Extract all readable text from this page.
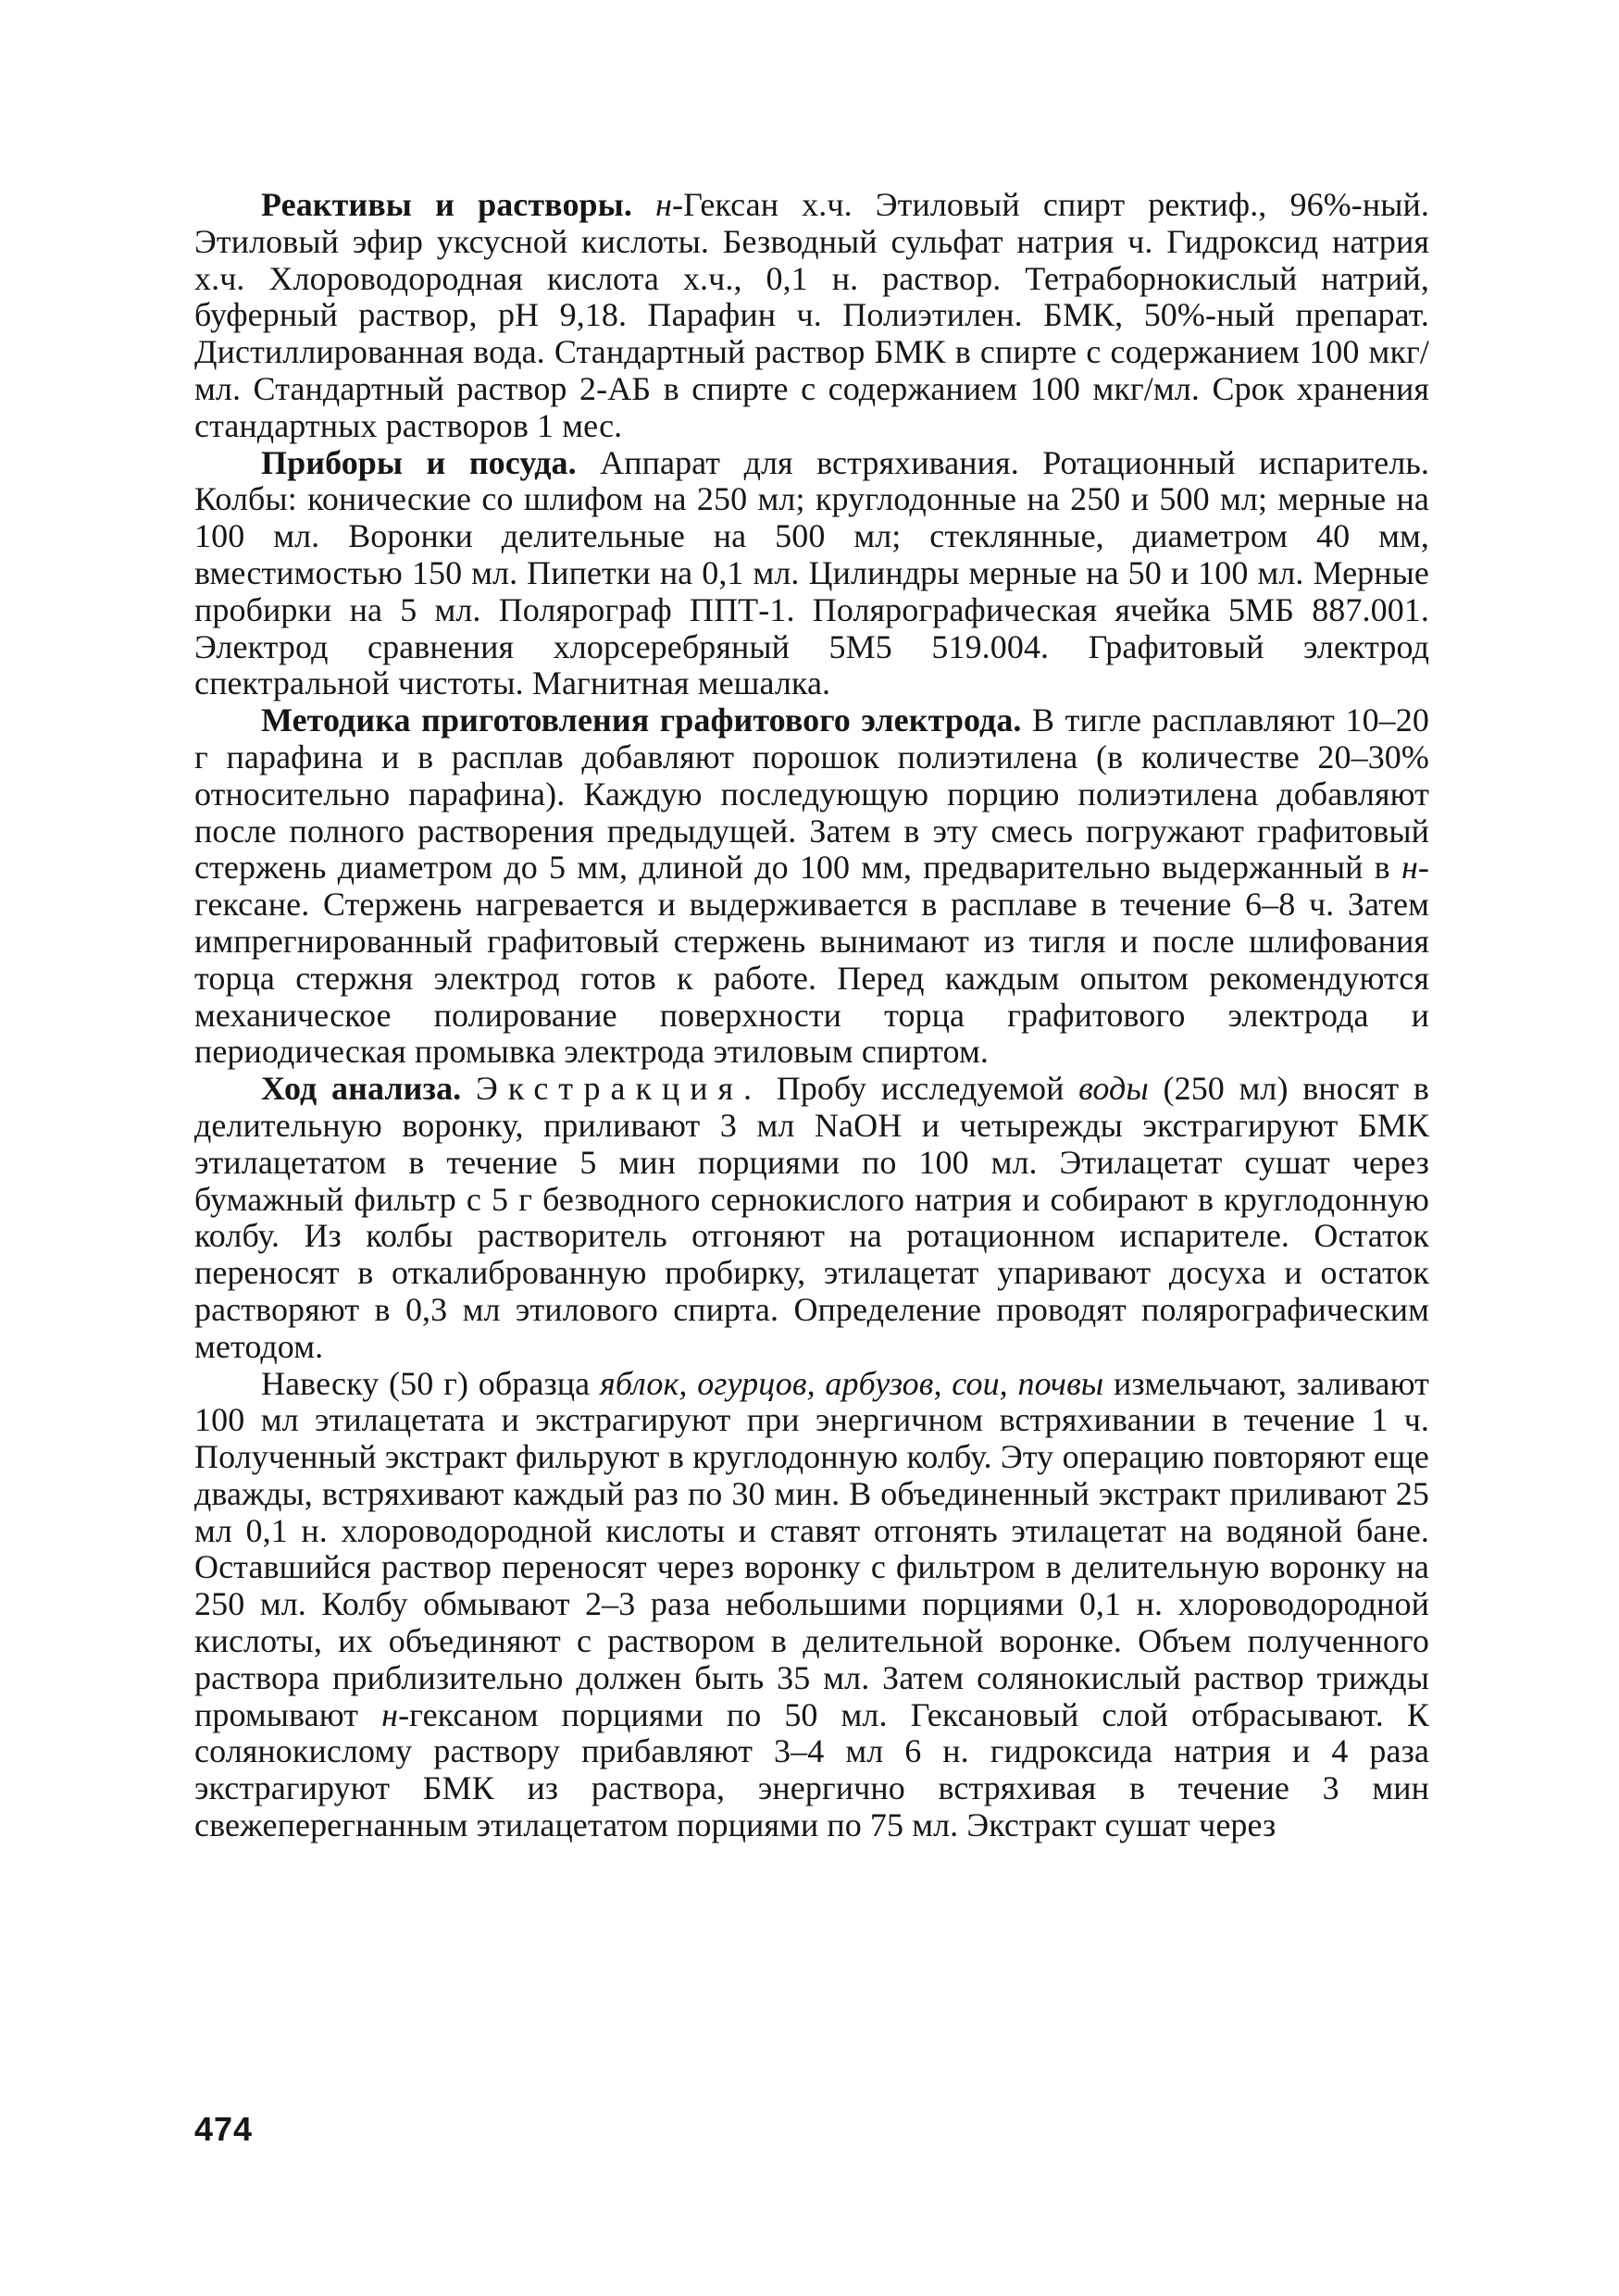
Реактивы и растворы. н-Гексан х.ч. Этиловый спирт ректиф., 96%-ный. Этиловый эфир уксусной кислоты. Безводный сульфат натрия ч. Гидроксид натрия х.ч. Хлороводородная кислота х.ч., 0,1 н. раствор. Тетраборнокислый натрий, буферный раствор, pH 9,18. Парафин ч. Полиэтилен. БМК, 50%-ный препарат. Дистиллированная вода. Стандартный раствор БМК в спирте с содержанием 100 мкг/мл. Стандартный раствор 2-АБ в спирте с содержанием 100 мкг/мл. Срок хранения стандартных растворов 1 мес.

Приборы и посуда. Аппарат для встряхивания. Ротационный испаритель. Колбы: конические со шлифом на 250 мл; круглодонные на 250 и 500 мл; мерные на 100 мл. Воронки делительные на 500 мл; стеклянные, диаметром 40 мм, вместимостью 150 мл. Пипетки на 0,1 мл. Цилиндры мерные на 50 и 100 мл. Мерные пробирки на 5 мл. Полярограф ППТ-1. Полярографическая ячейка 5МБ 887.001. Электрод сравнения хлорсеребряный 5М5 519.004. Графитовый электрод спектральной чистоты. Магнитная мешалка.

Методика приготовления графитового электрода. В тигле расплавляют 10–20 г парафина и в расплав добавляют порошок полиэтилена (в количестве 20–30% относительно парафина). Каждую последующую порцию полиэтилена добавляют после полного растворения предыдущей. Затем в эту смесь погружают графитовый стержень диаметром до 5 мм, длиной до 100 мм, предварительно выдержанный в н-гексане. Стержень нагревается и выдерживается в расплаве в течение 6–8 ч. Затем импрегнированный графитовый стержень вынимают из тигля и после шлифования торца стержня электрод готов к работе. Перед каждым опытом рекомендуются механическое полирование поверхности торца графитового электрода и периодическая промывка электрода этиловым спиртом.

Ход анализа. Экстракция. Пробу исследуемой воды (250 мл) вносят в делительную воронку, приливают 3 мл NaOH и четырежды экстрагируют БМК этилацетатом в течение 5 мин порциями по 100 мл. Этилацетат сушат через бумажный фильтр с 5 г безводного сернокислого натрия и собирают в круглодонную колбу. Из колбы растворитель отгоняют на ротационном испарителе. Остаток переносят в откалиброванную пробирку, этилацетат упаривают досуха и остаток растворяют в 0,3 мл этилового спирта. Определение проводят полярографическим методом.

Навеску (50 г) образца яблок, огурцов, арбузов, сои, почвы измельчают, заливают 100 мл этилацетата и экстрагируют при энергичном встряхивании в течение 1 ч. Полученный экстракт фильруют в круглодонную колбу. Эту операцию повторяют еще дважды, встряхивают каждый раз по 30 мин. В объединенный экстракт приливают 25 мл 0,1 н. хлороводородной кислоты и ставят отгонять этилацетат на водяной бане. Оставшийся раствор переносят через воронку с фильтром в делительную воронку на 250 мл. Колбу обмывают 2–3 раза небольшими порциями 0,1 н. хлороводородной кислоты, их объединяют с раствором в делительной воронке. Объем полученного раствора приблизительно должен быть 35 мл. Затем солянокислый раствор трижды промывают н-гексаном порциями по 50 мл. Гексановый слой отбрасывают. К солянокислому раствору прибавляют 3–4 мл 6 н. гидроксида натрия и 4 раза экстрагируют БМК из раствора, энергично встряхивая в течение 3 мин свежеперегнанным этилацетатом порциями по 75 мл. Экстракт сушат через

474
